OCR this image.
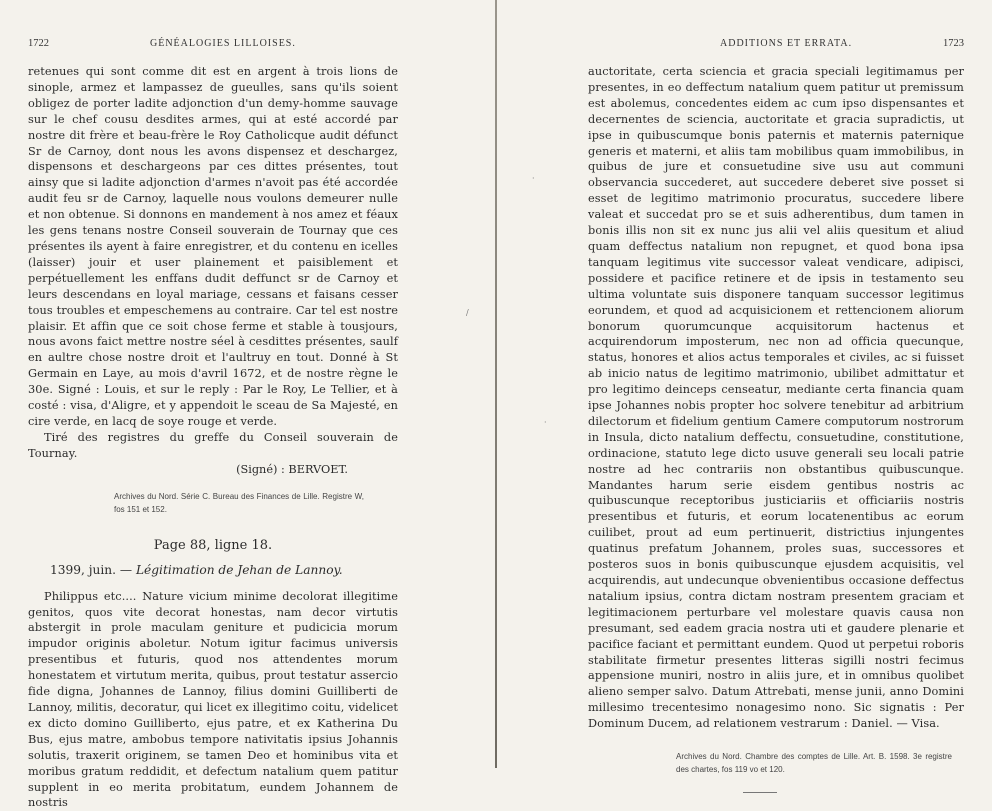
1722	GÉNÉALOGIES LILLOISES.

retenues qui sont comme dit est en argent à trois lions de sinople, armez et lampassez de gueulles, sans qu'ils soient obligez de porter ladite adjonction d'un demy-homme sauvage sur le chef cousu desdites armes, qui at esté accordé par nostre dit frère et beau-frère le Roy Catholicque audit défunct Sr de Carnoy, dont nous les avons dispensez et deschargez, dispensons et deschargeons par ces dittes présentes, tout ainsy que si ladite adjonction d'armes n'avoit pas été accordée audit feu sr de Carnoy, laquelle nous voulons demeurer nulle et non obtenue. Si donnons en mandement à nos amez et féaux les gens tenans nostre Conseil souverain de Tournay que ces présentes ils ayent à faire enregistrer, et du contenu en icelles (laisser) jouir et user plainement et paisiblement et perpétuellement les enffans dudit deffunct sr de Carnoy et leurs descendans en loyal mariage, cessans et faisans cesser tous troubles et empeschemens au contraire. Car tel est nostre plaisir. Et affin que ce soit chose ferme et stable à tousjours, nous avons faict mettre nostre séel à cesdittes présentes, saulf en aultre chose nostre droit et l'aultruy en tout. Donné à St Germain en Laye, au mois d'avril 1672, et de nostre règne le 30e. Signé : Louis, et sur le reply : Par le Roy, Le Tellier, et à costé : visa, d'Aligre, et y appendoit le sceau de Sa Majesté, en cire verde, en lacq de soye rouge et verde.

Tiré des registres du greffe du Conseil souverain de Tournay.

(Signé) : BERVOET.
Archives du Nord. Série C. Bureau des Finances de Lille. Registre W, fos 151 et 152.
Page 88, ligne 18.
1399, juin. — Légitimation de Jehan de Lannoy.

Philippus etc.... Nature vicium minime decolorat illegitime genitos, quos vite decorat honestas, nam decor virtutis abstergit in prole maculam geniture et pudicicia morum impudor originis aboletur. Notum igitur facimus universis presentibus et futuris, quod nos attendentes morum honestatem et virtutum merita, quibus, prout testatur assercio fide digna, Johannes de Lannoy, filius domini Guilliberti de Lannoy, militis, decoratur, qui licet ex illegitimo coitu, videlicet ex dicto domino Guilliberto, ejus patre, et ex Katherina Du Bus, ejus matre, ambobus tempore nativitatis ipsius Johannis solutis, traxerit originem, se tamen Deo et hominibus vita et moribus gratum reddidit, et defectum natalium quem patitur supplent in eo merita probitatum, eundem Johannem de nostris

ADDITIONS ET ERRATA.	1723

auctoritate, certa sciencia et gracia speciali legitimamus per presentes, in eo deffectum natalium quem patitur ut premissum est abolemus, concedentes eidem ac cum ipso dispensantes et decernentes de sciencia, auctoritate et gracia supradictis, ut ipse in quibuscumque bonis paternis et maternis paternique generis et materni, et aliis tam mobilibus quam immobilibus, in quibus de jure et consuetudine sive usu aut communi observancia succederet, aut succedere deberet sive posset si esset de legitimo matrimonio procuratus, succedere libere valeat et succedat pro se et suis adherentibus, dum tamen in bonis illis non sit ex nunc jus alii vel aliis quesitum et aliud quam deffectus natalium non repugnet, et quod bona ipsa tanquam legitimus vite successor valeat vendicare, adipisci, possidere et pacifice retinere et de ipsis in testamento seu ultima voluntate suis disponere tanquam successor legitimus eorundem, et quod ad acquisicionem et rettencionem aliorum bonorum quorumcunque acquisitorum hactenus et acquirendorum imposterum, nec non ad officia quecunque, status, honores et alios actus temporales et civiles, ac si fuisset ab inicio natus de legitimo matrimonio, ubilibet admittatur et pro legitimo deinceps censeatur, mediante certa financia quam ipse Johannes nobis propter hoc solvere tenebitur ad arbitrium dilectorum et fidelium gentium Camere computorum nostrorum in Insula, dicto natalium deffectu, consuetudine, constitutione, ordinacione, statuto lege dicto usuve generali seu locali patrie nostre ad hec contrariis non obstantibus quibuscunque. Mandantes harum serie eisdem gentibus nostris ac quibuscunque receptoribus justiciariis et officiariis nostris presentibus et futuris, et eorum locatenentibus ac eorum cuilibet, prout ad eum pertinuerit, districtius injungentes quatinus prefatum Johannem, proles suas, successores et posteros suos in bonis quibuscunque ejusdem acquisitis, vel acquirendis, aut undecunque obvenientibus occasione deffectus natalium ipsius, contra dictam nostram presentem graciam et legitimacionem perturbare vel molestare quavis causa non presumant, sed eadem gracia nostra uti et gaudere plenarie et pacifice faciant et permittant eundem. Quod ut perpetui roboris stabilitate firmetur presentes litteras sigilli nostri fecimus appensione muniri, nostro in aliis jure, et in omnibus quolibet alieno semper salvo. Datum Attrebati, mense junii, anno Domini millesimo trecentesimo nonagesimo nono. Sic signatis : Per Dominum Ducem, ad relationem vestrarum : Daniel. — Visa.

Archives du Nord. Chambre des comptes de Lille. Art. B. 1598. 3e registre des chartes, fos 119 vo et 120.
/
·
·
